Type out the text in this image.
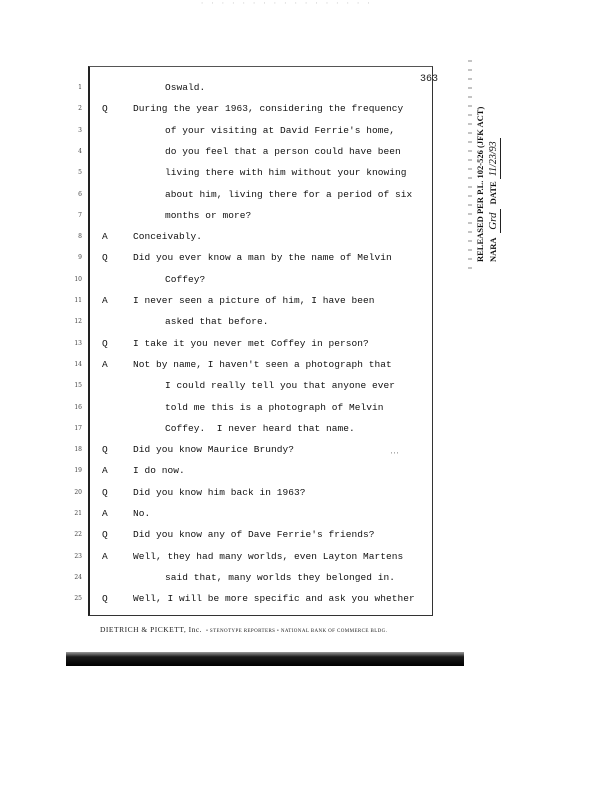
· · · · · · · · · · · · · · · · ·
363
1	Oswald.
2 Q	During the year 1963, considering the frequency
3	of your visiting at David Ferrie's home,
4	do you feel that a person could have been
5	living there with him without your knowing
6	about him, living there for a period of six
7	months or more?
8 A	Conceivably.
9 Q	Did you ever know a man by the name of Melvin
10	Coffey?
11 A	I never seen a picture of him, I have been
12	asked that before.
13 Q	I take it you never met Coffey in person?
14 A	Not by name, I haven't seen a photograph that
15	I could really tell you that anyone ever
16	told me this is a photograph of Melvin
17	Coffey.  I never heard that name.
18 Q	Did you know Maurice Brundy?
19 A	I do now.
20 Q	Did you know him back in 1963?
21 A	No.
22 Q	Did you know any of Dave Ferrie's friends?
23 A	Well, they had many worlds, even Layton Martens
24	said that, many worlds they belonged in.
25 Q	Well, I will be more specific and ask you whether
'''
DIETRICH & PICKETT, Inc. • STENOTYPE REPORTERS • NATIONAL BANK OF COMMERCE BLDG.
RELEASED PER P.L. 102-526 (JFK ACT) NARA Grd DATE 11/23/93
